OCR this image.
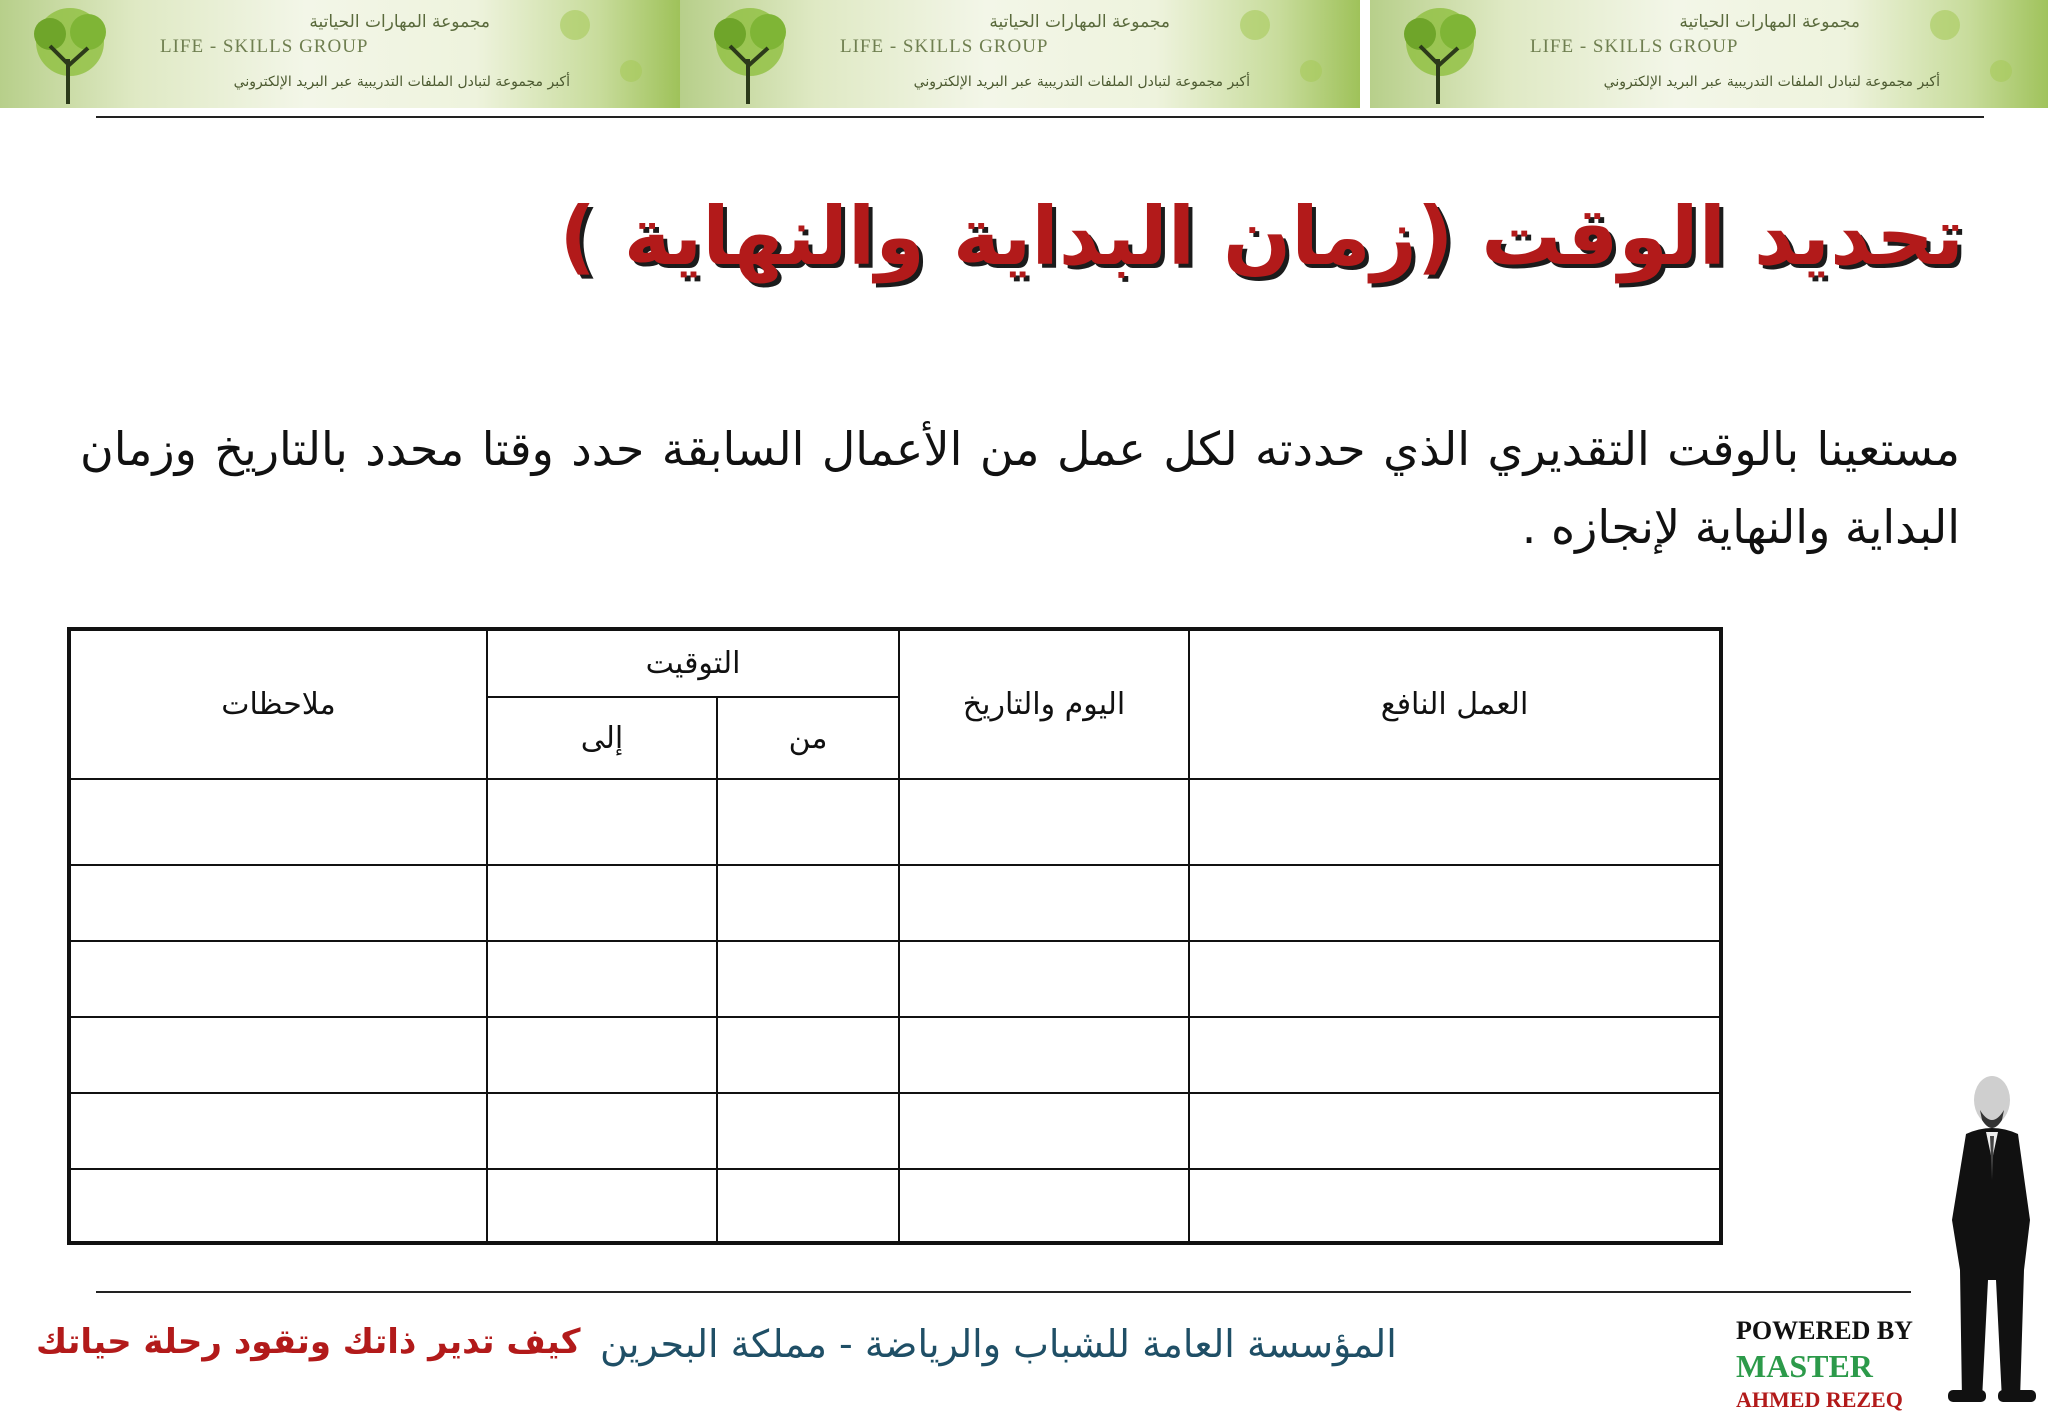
مجموعة المهارات الحياتية
LIFE - SKILLS GROUP
أكبر مجموعة لتبادل الملفات التدريبية عبر البريد الإلكتروني
مجموعة المهارات الحياتية
LIFE - SKILLS GROUP
أكبر مجموعة لتبادل الملفات التدريبية عبر البريد الإلكتروني
مجموعة المهارات الحياتية
LIFE - SKILLS GROUP
أكبر مجموعة لتبادل الملفات التدريبية عبر البريد الإلكتروني
تحديد الوقت (زمان البداية والنهاية )
مستعينا بالوقت التقديري الذي حددته لكل عمل من الأعمال السابقة حدد وقتا محدد بالتاريخ وزمان البداية والنهاية لإنجازه .
العمل النافع	اليوم والتاريخ	التوقيت		ملاحظات
		من	إلى	

كيف تدير ذاتك وتقود رحلة حياتك المؤسسة العامة للشباب والرياضة - مملكة البحرين	POWERED BY
MASTER
AHMED REZEQ
